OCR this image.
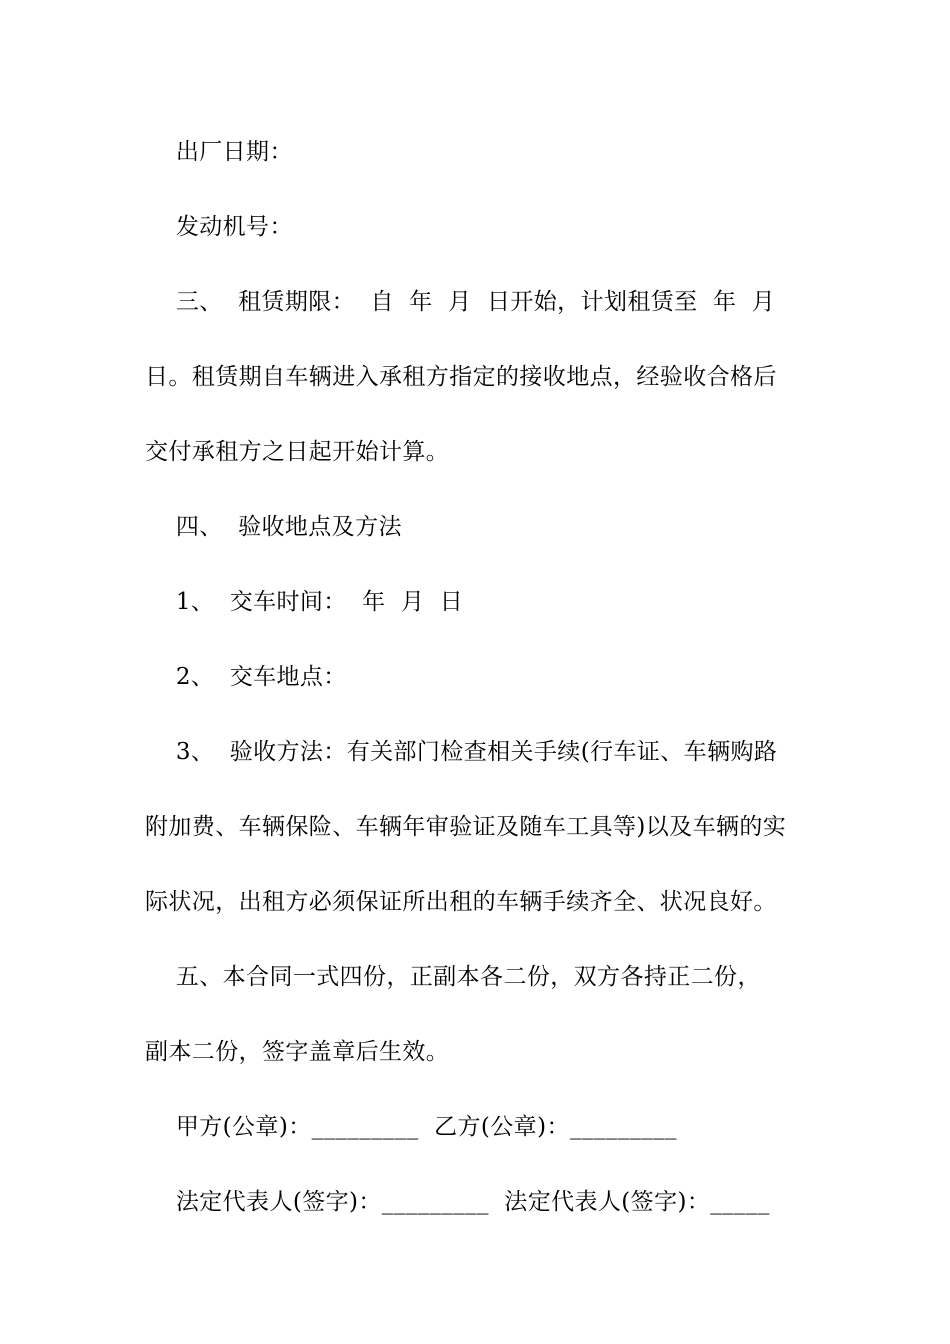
出厂日期：
发动机号：
三、  租赁期限：  自  年  月  日开始，计划租赁至  年  月
日。租赁期自车辆进入承租方指定的接收地点，经验收合格后
交付承租方之日起开始计算。
四、  验收地点及方法
1、  交车时间：  年  月  日
2、  交车地点：
3、  验收方法：有关部门检查相关手续(行车证、车辆购路
附加费、车辆保险、车辆年审验证及随车工具等)以及车辆的实
际状况，出租方必须保证所出租的车辆手续齐全、状况良好。
五、本合同一式四份，正副本各二份，双方各持正二份，
副本二份，签字盖章后生效。
甲方(公章)：_________  乙方(公章)：_________
法定代表人(签字)：_________  法定代表人(签字)：_____
